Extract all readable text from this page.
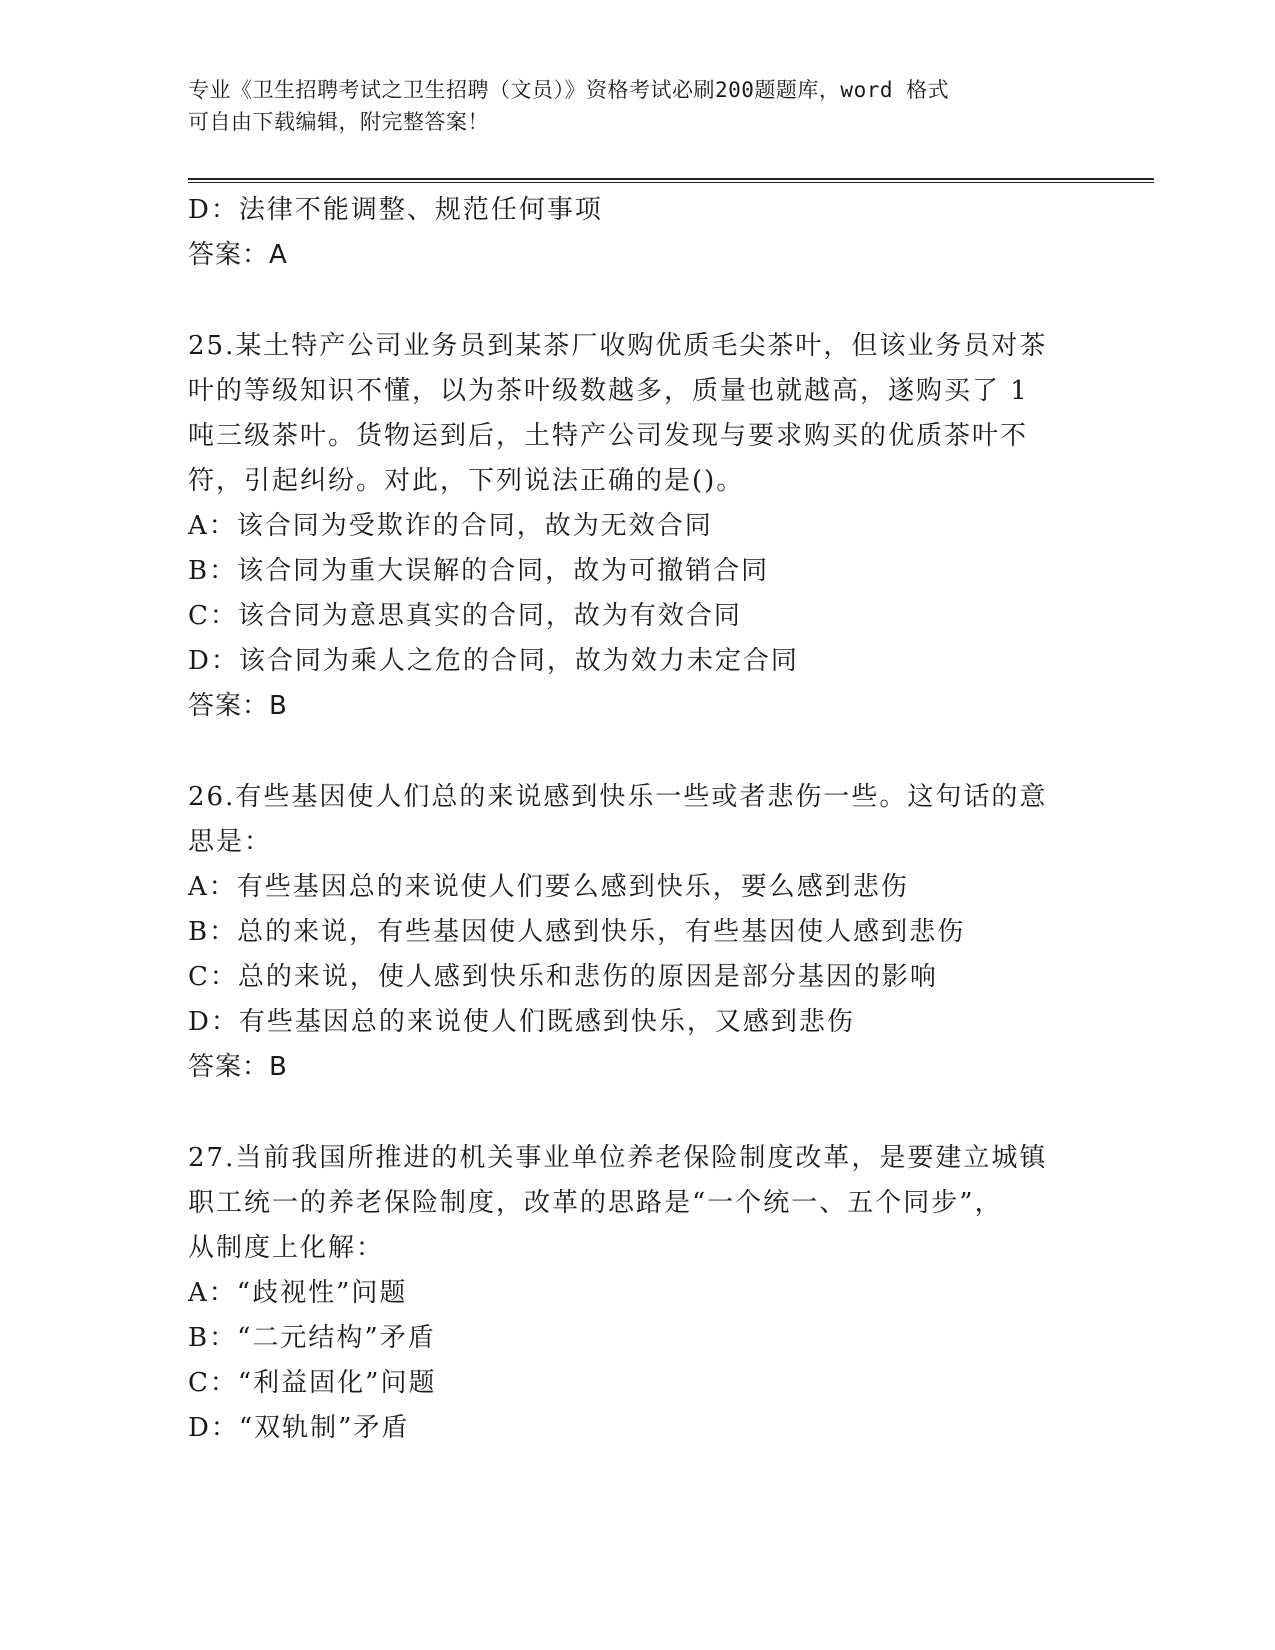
专业《卫生招聘考试之卫生招聘（文员）》资格考试必刷200题题库，word 格式
可自由下载编辑，附完整答案！
D：法律不能调整、规范任何事项
答案：A
25.某土特产公司业务员到某茶厂收购优质毛尖茶叶，但该业务员对茶
叶的等级知识不懂，以为茶叶级数越多，质量也就越高，遂购买了 1
吨三级茶叶。货物运到后，土特产公司发现与要求购买的优质茶叶不
符，引起纠纷。对此，下列说法正确的是()。
A：该合同为受欺诈的合同，故为无效合同
B：该合同为重大误解的合同，故为可撤销合同
C：该合同为意思真实的合同，故为有效合同
D：该合同为乘人之危的合同，故为效力未定合同
答案：B
26.有些基因使人们总的来说感到快乐一些或者悲伤一些。这句话的意
思是：
A：有些基因总的来说使人们要么感到快乐，要么感到悲伤
B：总的来说，有些基因使人感到快乐，有些基因使人感到悲伤
C：总的来说，使人感到快乐和悲伤的原因是部分基因的影响
D：有些基因总的来说使人们既感到快乐，又感到悲伤
答案：B
27.当前我国所推进的机关事业单位养老保险制度改革，是要建立城镇
职工统一的养老保险制度，改革的思路是“一个统一、五个同步”，
从制度上化解：
A：“歧视性”问题
B：“二元结构”矛盾
C：“利益固化”问题
D：“双轨制”矛盾
